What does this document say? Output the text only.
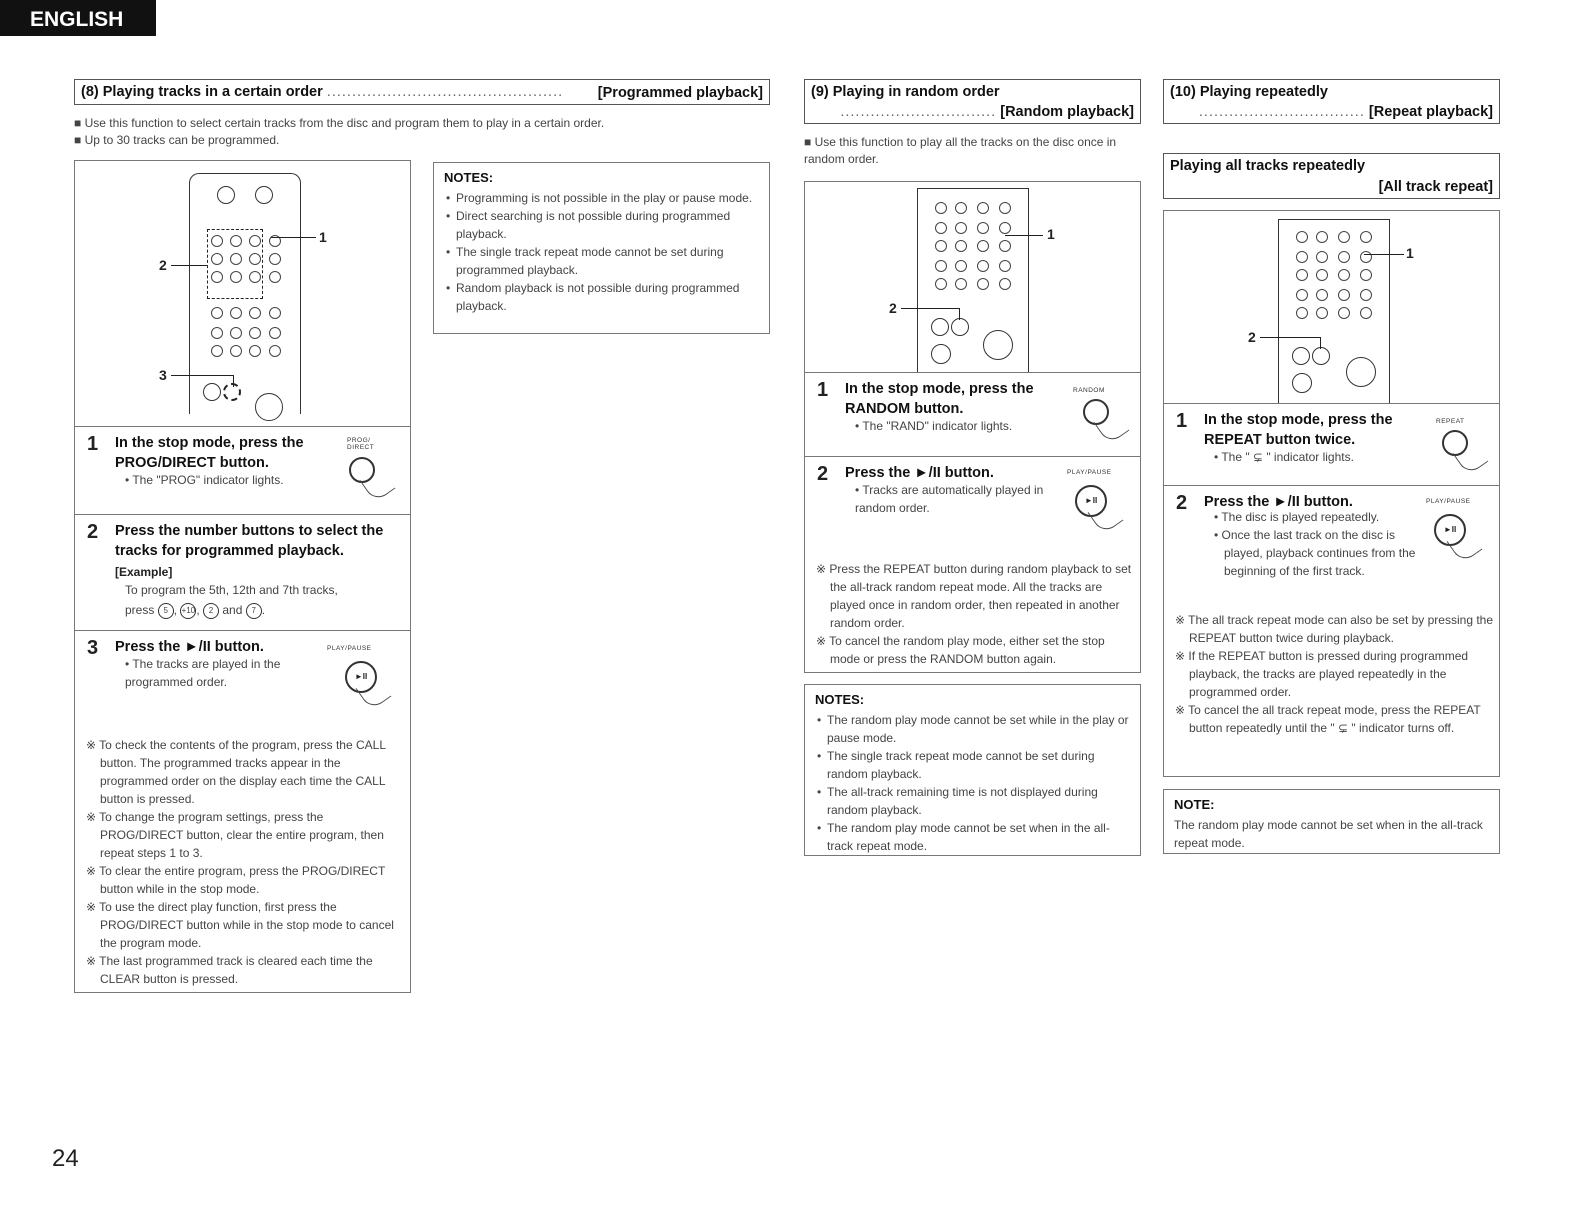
ENGLISH
(8) Playing tracks in a certain order ............................................... [Programmed playback]
■ Use this function to select certain tracks from the disc and program them to play in a certain order.
■ Up to 30 tracks can be programmed.
1
2
3
1 In the stop mode, press the PROG/DIRECT button.
• The "PROG" indicator lights.
PROG/ DIRECT
2 Press the number buttons to select the tracks for programmed playback.
[Example]
To program the 5th, 12th and 7th tracks,
press 5 , +10, 2 and 7 .
3 Press the ►/II button.
• The tracks are played in the programmed order.
PLAY/PAUSE
►II

※ To check the contents of the program, press the CALL button. The programmed tracks appear in the programmed order on the display each time the CALL button is pressed.

※ To change the program settings, press the PROG/DIRECT button, clear the entire program, then repeat steps 1 to 3.

※ To clear the entire program, press the PROG/DIRECT button while in the stop mode.

※ To use the direct play function, first press the PROG/DIRECT button while in the stop mode to cancel the program mode.

※ The last programmed track is cleared each time the CLEAR button is pressed.

NOTES:
• Programming is not possible in the play or pause mode.
• Direct searching is not possible during programmed playback.
• The single track repeat mode cannot be set during programmed playback.
• Random playback is not possible during programmed playback.
(9) Playing in random order
............................... [Random playback]
■ Use this function to play all the tracks on the disc once in random order.
1
2
1 In the stop mode, press the RANDOM button.
• The "RAND" indicator lights.
RANDOM
2 Press the ►/II button.
• Tracks are automatically played in random order.
PLAY/PAUSE
►II

※ Press the REPEAT button during random playback to set the all-track random repeat mode. All the tracks are played once in random order, then repeated in another random order.

※ To cancel the random play mode, either set the stop mode or press the RANDOM button again.

NOTES:
• The random play mode cannot be set while in the play or pause mode.
• The single track repeat mode cannot be set during random playback.
• The all-track remaining time is not displayed during random playback.
• The random play mode cannot be set when in the all-track repeat mode.
(10) Playing repeatedly
................................. [Repeat playback]
Playing all tracks repeatedly
[All track repeat]
1
2
1 In the stop mode, press the REPEAT button twice.
• The " ⊊ " indicator lights.
REPEAT
2 Press the ►/II button.
• The disc is played repeatedly.
• Once the last track on the disc is played, playback continues from the beginning of the first track.
PLAY/PAUSE
►II

※ The all track repeat mode can also be set by pressing the REPEAT button twice during playback.

※ If the REPEAT button is pressed during programmed playback, the tracks are played repeatedly in the programmed order.

※ To cancel the all track repeat mode, press the REPEAT button repeatedly until the " ⊊ " indicator turns off.

NOTE:
The random play mode cannot be set when in the all-track repeat mode.
24
